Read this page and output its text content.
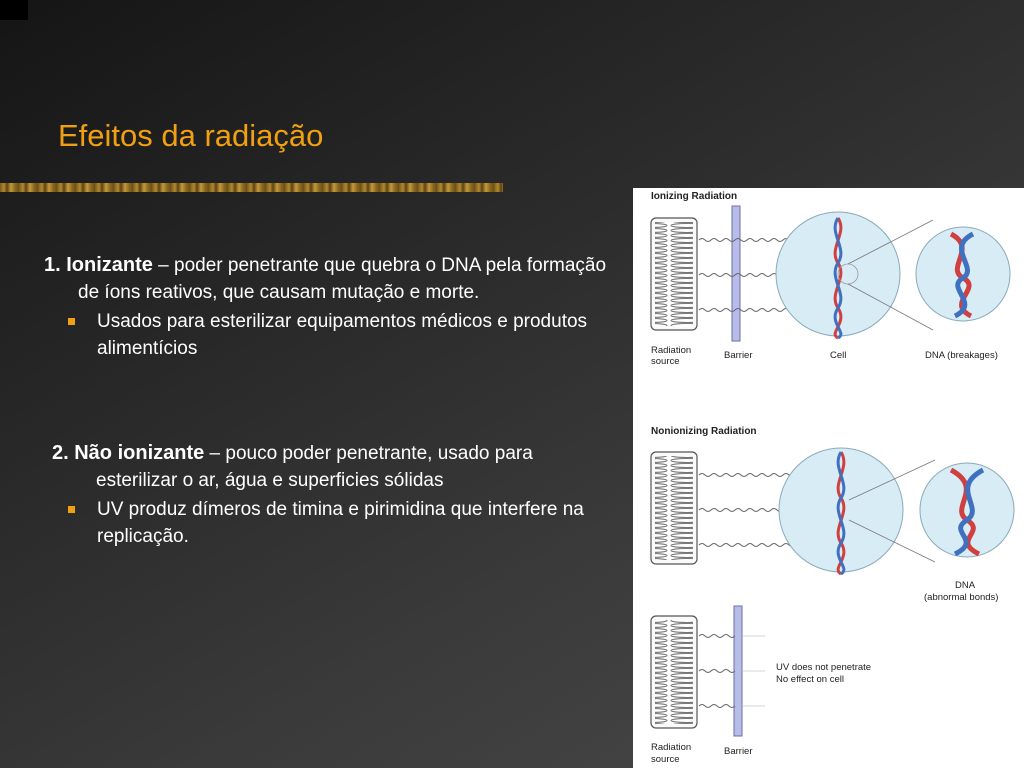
Efeitos da radiação
1. Ionizante – poder penetrante que quebra o DNA pela formação de íons reativos, que causam mutação e morte.
Usados para esterilizar equipamentos médicos e produtos alimentícios
2. Não ionizante – pouco poder penetrante, usado para esterilizar o ar, água e superficies sólidas
UV produz dímeros de timina e pirimidina que interfere na replicação.
Ionizing Radiation
Radiation
source
Barrier	Cell	DNA (breakages)
Nonionizing Radiation
DNA
(abnormal bonds)
UV does not penetrate
No effect on cell
Radiation
source
Barrier
